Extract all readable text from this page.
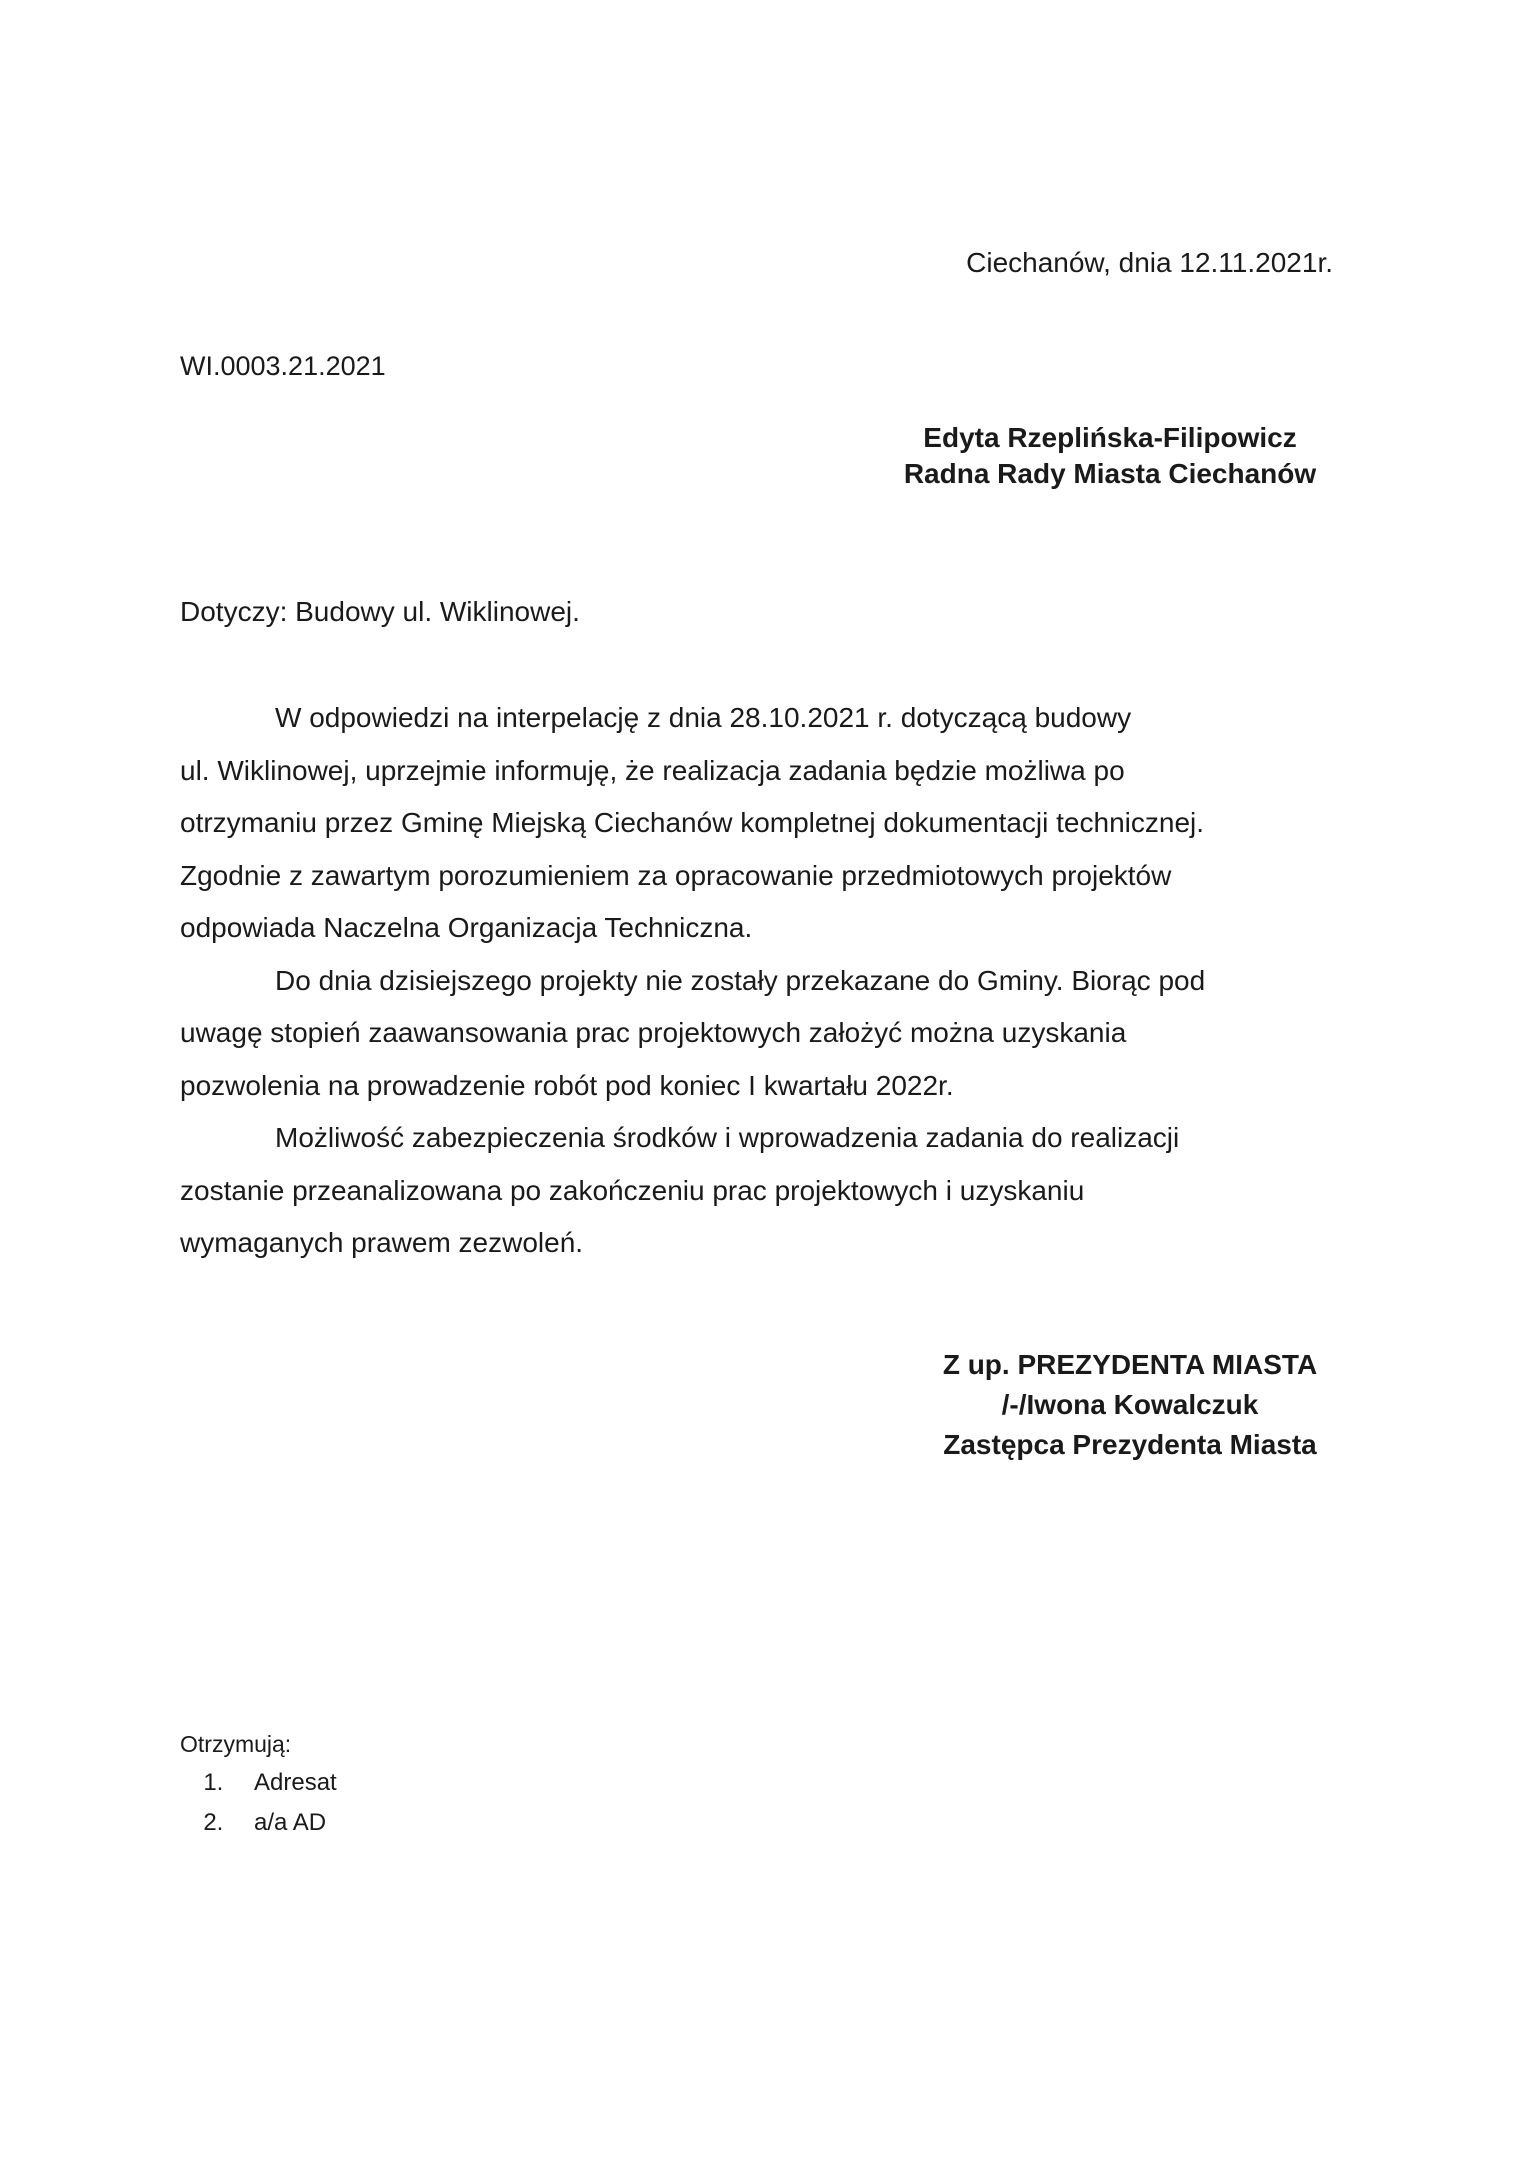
Ciechanów, dnia 12.11.2021r.
WI.0003.21.2021
Edyta Rzeplińska-Filipowicz
Radna Rady Miasta Ciechanów
Dotyczy: Budowy ul. Wiklinowej.

W odpowiedzi na interpelację z dnia 28.10.2021 r. dotyczącą budowy
ul. Wiklinowej, uprzejmie informuję, że realizacja zadania będzie możliwa po
otrzymaniu przez Gminę Miejską Ciechanów kompletnej dokumentacji technicznej.
Zgodnie z zawartym porozumieniem za opracowanie przedmiotowych projektów
odpowiada Naczelna Organizacja Techniczna.

Do dnia dzisiejszego projekty nie zostały przekazane do Gminy. Biorąc pod
uwagę stopień zaawansowania prac projektowych założyć można uzyskania
pozwolenia na prowadzenie robót pod koniec I kwartału 2022r.

Możliwość zabezpieczenia środków i wprowadzenia zadania do realizacji
zostanie przeanalizowana po zakończeniu prac projektowych i uzyskaniu
wymaganych prawem zezwoleń.

Z up. PREZYDENTA MIASTA
/-/Iwona Kowalczuk
Zastępca Prezydenta Miasta
Otrzymują:
1. Adresat
2. a/a AD
